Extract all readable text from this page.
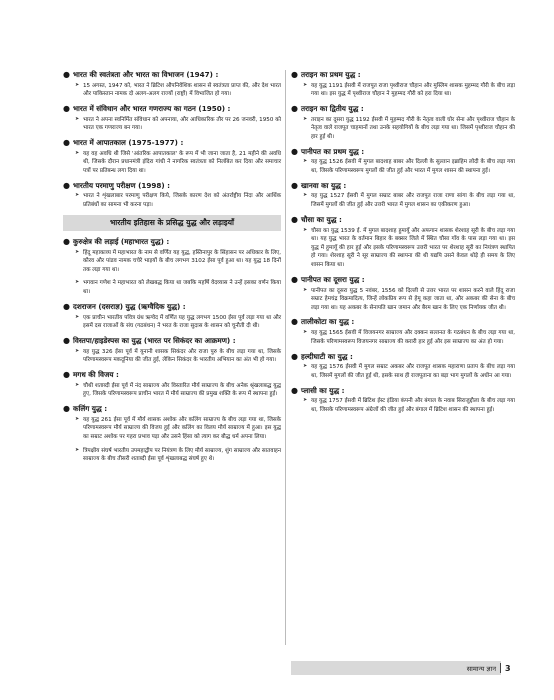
● भारत की स्वतंत्रता और भारत का विभाजन (1947) :
➤ 15 अगस्त, 1947 को, भारत ने ब्रिटिश औपनिवेशिक शासन से स्वतंत्रता प्राप्त की, और देश भारत और पाकिस्तान नामक दो अलग-अलग राज्यों (राष्ट्रों) में विभाजित हो गया।
● भारत में संविधान और भारत गणराज्य का गठन (1950) :
➤ भारत ने अपना स्वनिर्मित संविधान को अपनाया, और आधिकारिक तौर पर 26 जनवरी, 1950 को भारत एक गणराज्य बन गया।
● भारत में आपातकाल (1975-1977) :
➤ यह वह अवधि थी जिसे 'आंतरिक आपातकाल' के रूप में भी जाना जाता है, 21 महीने की अवधि थी, जिसके दौरान प्रधानमंत्री इंदिरा गांधी ने नागरिक स्वतंत्रता को निलंबित कर दिया और समाचार पत्रों पर प्रतिबन्ध लगा दिया था।
● भारतीय परमाणु परीक्षण (1998) :
➤ भारत ने शृंखलाबार परमाणु परीक्षण किये, जिसके कारण देश को अंतर्राष्ट्रीय निंदा और आर्थिक प्रतिबंधों का सामना भी करना पड़ा।
भारतीय इतिहास के प्रसिद्ध युद्ध और लड़ाइयाँ
● कुरुक्षेत्र की लड़ाई (महाभारत युद्ध) :
➤ हिंदू महाकाव्य में महाभारत के नाम से वर्णित यह युद्ध, हस्तिनापुर के सिंहासन पर अधिकार के लिए, कौरव और पांडव नामक चचेरे भाइयों के बीच लगभग 3102 ईसा पूर्व हुआ था। यह युद्ध 18 दिनों तक लड़ा गया था।
➤ भगवान गणेश ने महाभारत को लेखबद्ध किया था जबकि महर्षि वेदव्यास ने उन्हें इसका वर्णन किया था।
● दशराजन (दसराज्ञ) युद्ध (ऋग्वैदिक युद्ध) :
➤ एक प्राचीन भारतीय पवित्र ग्रंथ ऋग्वेद में वर्णित यह युद्ध लगभग 1500 ईसा पूर्व लड़ा गया था और इसमें दस राजाओं के संघ (गठबंधन) ने भरत के राजा सुदास के शासन को चुनौती दी थी।
● विस्तपा/हाइडेस्पस का युद्ध (भारत पर सिकंदर का आक्रमण) :
➤ यह युद्ध 326 ईसा पूर्व में यूनानी शासक सिकंदर और राजा पुरु के बीच लड़ा गया था, जिसके परिणामस्वरूप मकदूनिया की जीत हुई, लेकिन सिकंदर के भारतीय अभियान का अंत भी हो गया।
● मगध की विजय :
➤ चौथी शताब्दी ईसा पूर्व में नंद साम्राज्य और विस्तारित मौर्य साम्राज्य के बीच अनेक श्रृंखलाबद्ध युद्ध हुए, जिसके परिणामस्वरूप प्राचीन भारत में मौर्य साम्राज्य की प्रमुख शक्ति के रूप में स्थापना हुई।
● कलिंग युद्ध :
➤ यह युद्ध 261 ईसा पूर्व में मौर्य शासक अशोक और कलिंग साम्राज्य के बीच लड़ा गया था, जिसके परिणामस्वरूप मौर्य साम्राज्य की विजय हुई और कलिंग का विलय मौर्य साम्राज्य में हुआ। इस युद्ध का सम्राट अशोक पर गहरा प्रभाव पड़ा और उसने हिंसा को त्याग कर बौद्ध धर्म अपना लिया।
➤ त्रिपक्षीय संघर्ष भारतीय उपमहाद्वीप पर नियंत्रण के लिए मौर्य साम्राज्य, शुंग साम्राज्य और सातवाहन साम्राज्य के बीच तीसरी शताब्दी ईसा पूर्व शृंखलाबद्ध संघर्ष हुए थे।
● तराइन का प्रथम युद्ध :
➤ यह युद्ध 1191 ईसवी में राजपूत राजा पृथ्वीराज चौहान और मुस्लिम शासक मुहम्मद गौरी के बीच लड़ा गया था। इस युद्ध में पृथ्वीराज चौहान ने मुहम्मद गौरी को हरा दिया था।
● तराइन का द्वितीय युद्ध :
➤ तराइन का दूसरा युद्ध 1192 ईसवी में मुहम्मद गौरी के नेतृत्व वाली घोर सेना और पृथ्वीराज चौहान के नेतृत्व वाले राजपूत चाहमानों तथा उनके सहयोगियों के बीच लड़ा गया था। जिसमें पृथ्वीराज चौहान की हार हुई थी।
● पानीपत का प्रथम युद्ध :
➤ यह युद्ध 1526 ईसवी में मुगल बादशाह बाबर और दिल्ली के सुल्तान इब्राहिम लोदी के बीच लड़ा गया था, जिसके परिणामस्वरूप मुगलों की जीत हुई और भारत में मुगल शासन की स्थापना हुई।
● खानवा का युद्ध :
➤ यह युद्ध 1527 ईसवी में मुगल सम्राट बाबर और राजपूत राजा राणा सांगा के बीच लड़ा गया था, जिसमें मुगलों की जीत हुई और उत्तरी भारत में मुगल शासन का एकीकरण हुआ।
● चौसा का युद्ध :
➤ चौसा का युद्ध 1539 ई. में मुगल बादशाह हुमायूँ और अफगान शासक शेरशाह सूरी के बीच लड़ा गया था। यह युद्ध भारत के वर्तमान बिहार के बक्सर जिले में स्थित चौसा गाँव के पास लड़ा गया था। इस युद्ध में हुमायूँ की हार हुई और इसके परिणामस्वरूप उत्तरी भारत पर शेरशाह सूरी का नियंत्रण स्थापित हो गया। शेरशाह सूरी ने सूर साम्राज्य की स्थापना की थी यद्यपि उसने केवल थोड़े ही समय के लिए शासन किया था।
● पानीपत का दूसरा युद्ध :
➤ पानीपत का दूसरा युद्ध 5 नवंबर, 1556 को दिल्ली से उत्तर भारत पर शासन करने वाले हिंदू राजा सम्राट हेमचंद्र विक्रमादित्य, जिन्हें लोकप्रिय रूप से हेमू कहा जाता था, और अकबर की सेना के बीच लड़ा गया था। यह अकबर के सेनापति खान जमान और बैरम खान के लिए एक निर्णायक जीत थी।
● तालीकोटा का युद्ध :
➤ यह युद्ध 1565 ईसवी में विजयनगर साम्राज्य और दक्कन सल्तनत के गठबंधन के बीच लड़ा गया था, जिसके परिणामस्वरूप विजयनगर साम्राज्य की करारी हार हुई और इस साम्राज्य का अंत हो गया।
● हल्दीघाटी का युद्ध :
➤ यह युद्ध 1576 ईसवी में मुगल सम्राट अकबर और राजपूत शासक महाराणा प्रताप के बीच लड़ा गया था, जिसमें मुगलों की जीत हुई थी, इसके साथ ही राजपूताना का बड़ा भाग मुगलों के अधीन आ गया।
● प्लासी का युद्ध :
➤ यह युद्ध 1757 ईसवी में ब्रिटिश ईस्ट इंडिया कंपनी और बंगाल के नवाब सिराजुद्दौला के बीच लड़ा गया था, जिसके परिणामस्वरूप अंग्रेजों की जीत हुई और बंगाल में ब्रिटिश शासन की स्थापना हुई।
सामान्य ज्ञान 3
